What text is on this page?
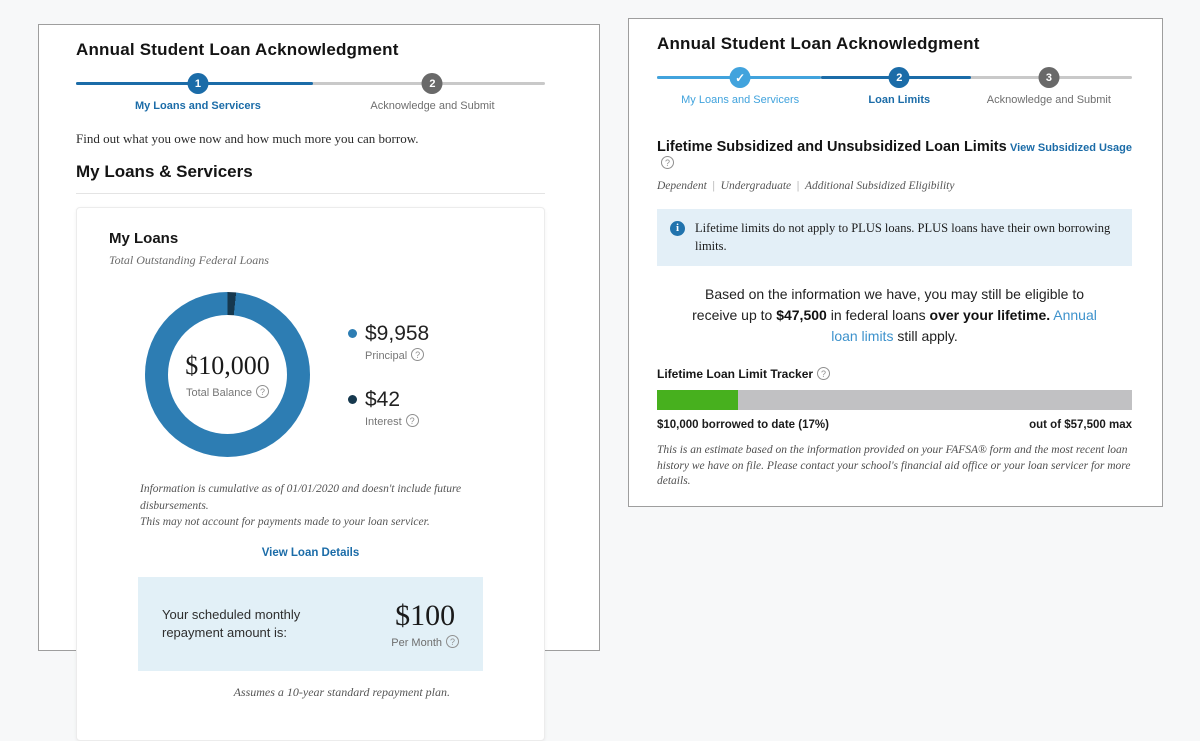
Annual Student Loan Acknowledgment
1
My Loans and Servicers
2
Acknowledge and Submit
Find out what you owe now and how much more you can borrow.
My Loans & Servicers
My Loans
Total Outstanding Federal Loans
$10,000
Total Balance?
$9,958
Principal?
$42
Interest?
Information is cumulative as of 01/01/2020 and doesn't include future disbursements.
This may not account for payments made to your loan servicer.
View Loan Details
Your scheduled monthly repayment amount is:
$100
Per Month?
Assumes a 10-year standard repayment plan.
Annual Student Loan Acknowledgment
✓
My Loans and Servicers
2
Loan Limits
3
Acknowledge and Submit
Lifetime Subsidized and Unsubsidized Loan Limits? View Subsidized Usage
Dependent | Undergraduate | Additional Subsidized Eligibility
i
Lifetime limits do not apply to PLUS loans. PLUS loans have their own borrowing limits.
Based on the information we have, you may still be eligible to receive up to $47,500 in federal loans over your lifetime. Annual loan limits still apply.
Lifetime Loan Limit Tracker?
$10,000 borrowed to date (17%)	out of $57,500 max
This is an estimate based on the information provided on your FAFSA® form and the most recent loan history we have on file. Please contact your school's financial aid office or your loan servicer for more details.
